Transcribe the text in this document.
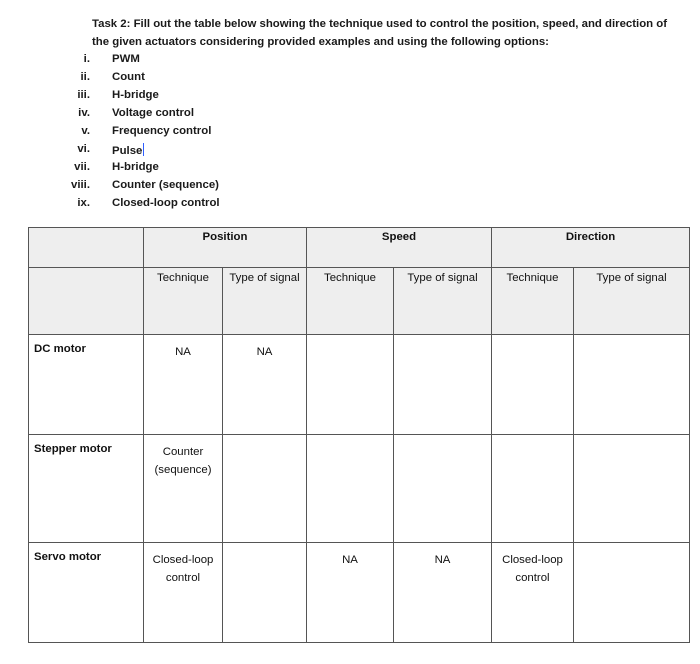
Task 2: Fill out the table below showing the technique used to control the position, speed, and direction of the given actuators considering provided examples and using the following options:
i. PWM
ii. Count
iii. H-bridge
iv. Voltage control
v. Frequency control
vi. Pulse
vii. H-bridge
viii. Counter (sequence)
ix. Closed-loop control
	Position		Speed		Direction	
	Technique	Type of signal	Technique	Type of signal	Technique	Type of signal
DC motor	NA	NA				
Stepper motor	Counter (sequence)					
Servo motor	Closed-loop control		NA	NA	Closed-loop control	
